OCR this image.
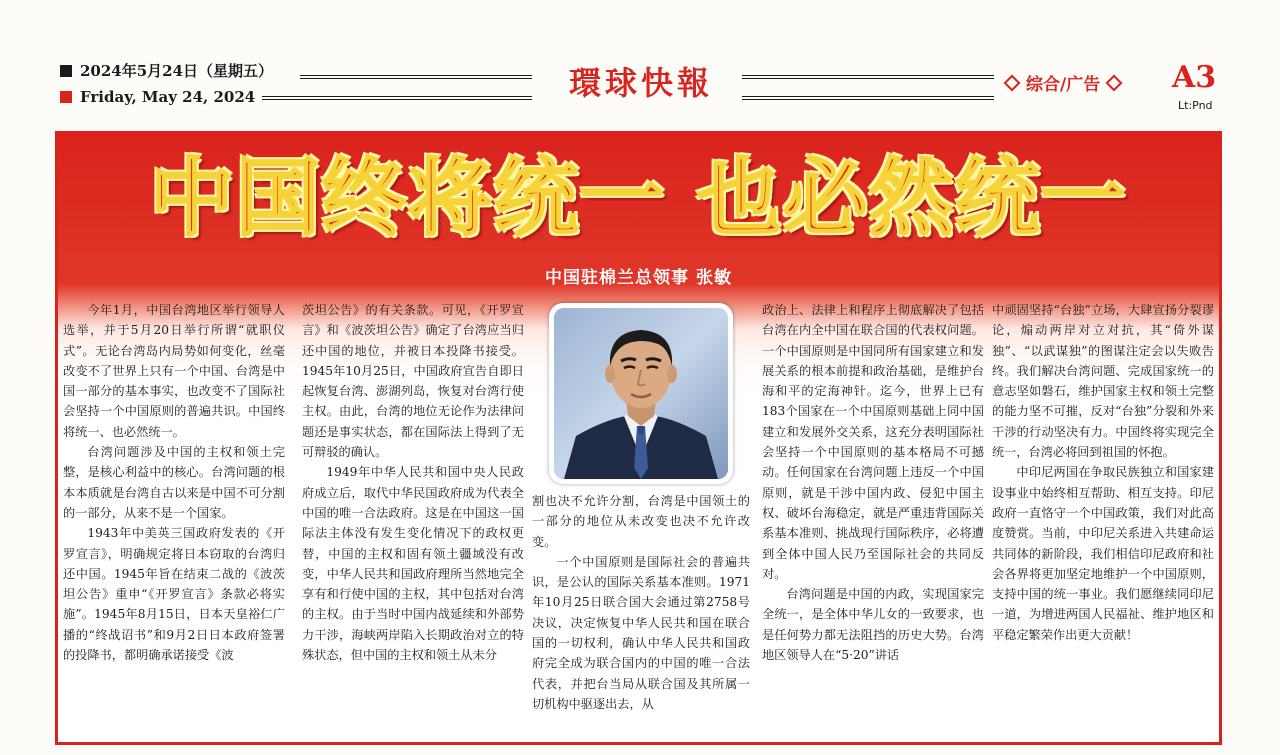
2024年5月24日（星期五）
Friday, May 24, 2024	環球快報	综合/广告 A3
Lt:Pnd
中国终将统一 也必然统一
中国驻棉兰总领事 张敏

今年1月，中国台湾地区举行领导人选举，并于5月20日举行所谓“就职仪式”。无论台湾岛内局势如何变化，丝毫改变不了世界上只有一个中国、台湾是中国一部分的基本事实，也改变不了国际社会坚持一个中国原则的普遍共识。中国终将统一、也必然统一。

台湾问题涉及中国的主权和领土完整，是核心利益中的核心。台湾问题的根本本质就是台湾自古以来是中国不可分割的一部分，从来不是一个国家。

1943年中美英三国政府发表的《开罗宣言》，明确规定将日本窃取的台湾归还中国。1945年旨在结束二战的《波茨坦公告》重申“《开罗宣言》条款必将实施”。1945年8月15日，日本天皇裕仁广播的“终战诏书”和9月2日日本政府签署的投降书，都明确承诺接受《波

茨坦公告》的有关条款。可见，《开罗宣言》和《波茨坦公告》确定了台湾应当归还中国的地位，并被日本投降书接受。1945年10月25日，中国政府宣告自即日起恢复台湾、澎湖列岛，恢复对台湾行使主权。由此，台湾的地位无论作为法律问题还是事实状态，都在国际法上得到了无可辩驳的确认。

1949年中华人民共和国中央人民政府成立后，取代中华民国政府成为代表全中国的唯一合法政府。这是在中国这一国际法主体没有发生变化情况下的政权更替，中国的主权和固有领土疆域没有改变，中华人民共和国政府理所当然地完全享有和行使中国的主权，其中包括对台湾的主权。由于当时中国内战延续和外部势力干涉，海峡两岸陷入长期政治对立的特殊状态，但中国的主权和领土从未分

割也决不允许分割，台湾是中国领土的一部分的地位从未改变也决不允许改变。

一个中国原则是国际社会的普遍共识，是公认的国际关系基本准则。1971年10月25日联合国大会通过第2758号决议，决定恢复中华人民共和国在联合国的一切权利，确认中华人民共和国政府完全成为联合国内的中国的唯一合法代表，并把台当局从联合国及其所属一切机构中驱逐出去，从

政治上、法律上和程序上彻底解决了包括台湾在内全中国在联合国的代表权问题。一个中国原则是中国同所有国家建立和发展关系的根本前提和政治基础，是维护台海和平的定海神针。迄今，世界上已有183个国家在一个中国原则基础上同中国建立和发展外交关系，这充分表明国际社会坚持一个中国原则的基本格局不可撼动。任何国家在台湾问题上违反一个中国原则，就是干涉中国内政、侵犯中国主权、破坏台海稳定，就是严重违背国际关系基本准则、挑战现行国际秩序，必将遭到全体中国人民乃至国际社会的共同反对。

台湾问题是中国的内政，实现国家完全统一，是全体中华儿女的一致要求，也是任何势力都无法阻挡的历史大势。台湾地区领导人在“5·20”讲话

中顽固坚持“台独”立场，大肆宣扬分裂谬论，煽动两岸对立对抗，其“倚外谋独”、“以武谋独”的图谋注定会以失败告终。我们解决台湾问题、完成国家统一的意志坚如磐石，维护国家主权和领土完整的能力坚不可摧，反对“台独”分裂和外来干涉的行动坚决有力。中国终将实现完全统一，台湾必将回到祖国的怀抱。

中印尼两国在争取民族独立和国家建设事业中始终相互帮助、相互支持。印尼政府一直恪守一个中国政策，我们对此高度赞赏。当前，中印尼关系进入共建命运共同体的新阶段，我们相信印尼政府和社会各界将更加坚定地维护一个中国原则，支持中国的统一事业。我们愿继续同印尼一道，为增进两国人民福祉、维护地区和平稳定繁荣作出更大贡献！
